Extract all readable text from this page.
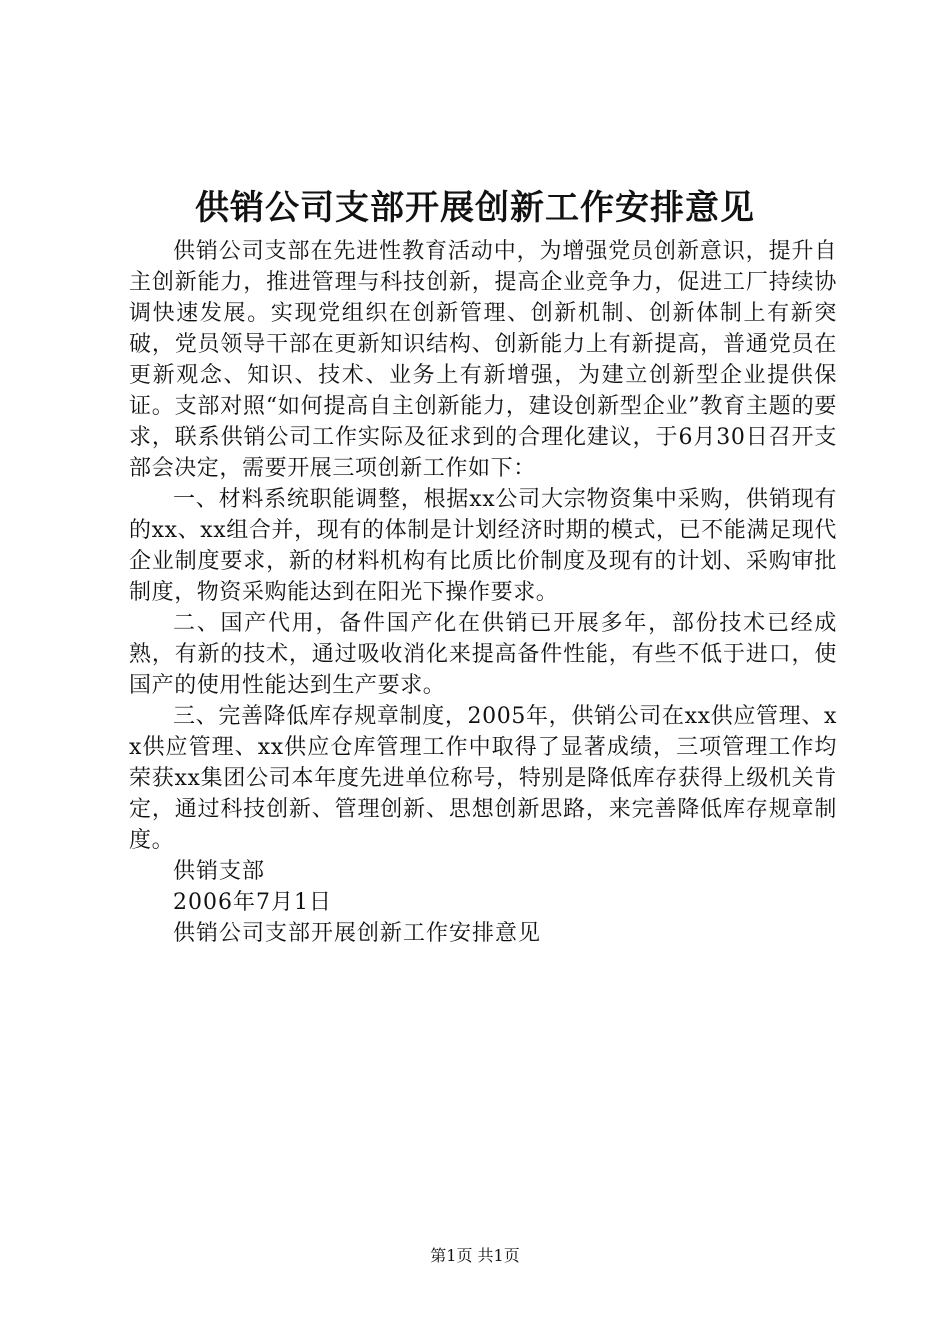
供销公司支部开展创新工作安排意见

供销公司支部在先进性教育活动中，为增强党员创新意识，提升自主创新能力，推进管理与科技创新，提高企业竞争力，促进工厂持续协调快速发展。实现党组织在创新管理、创新机制、创新体制上有新突破，党员领导干部在更新知识结构、创新能力上有新提高，普通党员在更新观念、知识、技术、业务上有新增强，为建立创新型企业提供保证。支部对照“如何提高自主创新能力，建设创新型企业”教育主题的要求，联系供销公司工作实际及征求到的合理化建议，于6月30日召开支部会决定，需要开展三项创新工作如下：

一、材料系统职能调整，根据xx公司大宗物资集中采购，供销现有的xx、xx组合并，现有的体制是计划经济时期的模式，已不能满足现代企业制度要求，新的材料机构有比质比价制度及现有的计划、采购审批制度，物资采购能达到在阳光下操作要求。

二、国产代用，备件国产化在供销已开展多年，部份技术已经成熟，有新的技术，通过吸收消化来提高备件性能，有些不低于进口，使国产的使用性能达到生产要求。

三、完善降低库存规章制度，2005年，供销公司在xx供应管理、xx供应管理、xx供应仓库管理工作中取得了显著成绩，三项管理工作均荣获xx集团公司本年度先进单位称号，特别是降低库存获得上级机关肯定，通过科技创新、管理创新、思想创新思路，来完善降低库存规章制度。

供销支部

2006年7月1日

供销公司支部开展创新工作安排意见

第1页 共1页
